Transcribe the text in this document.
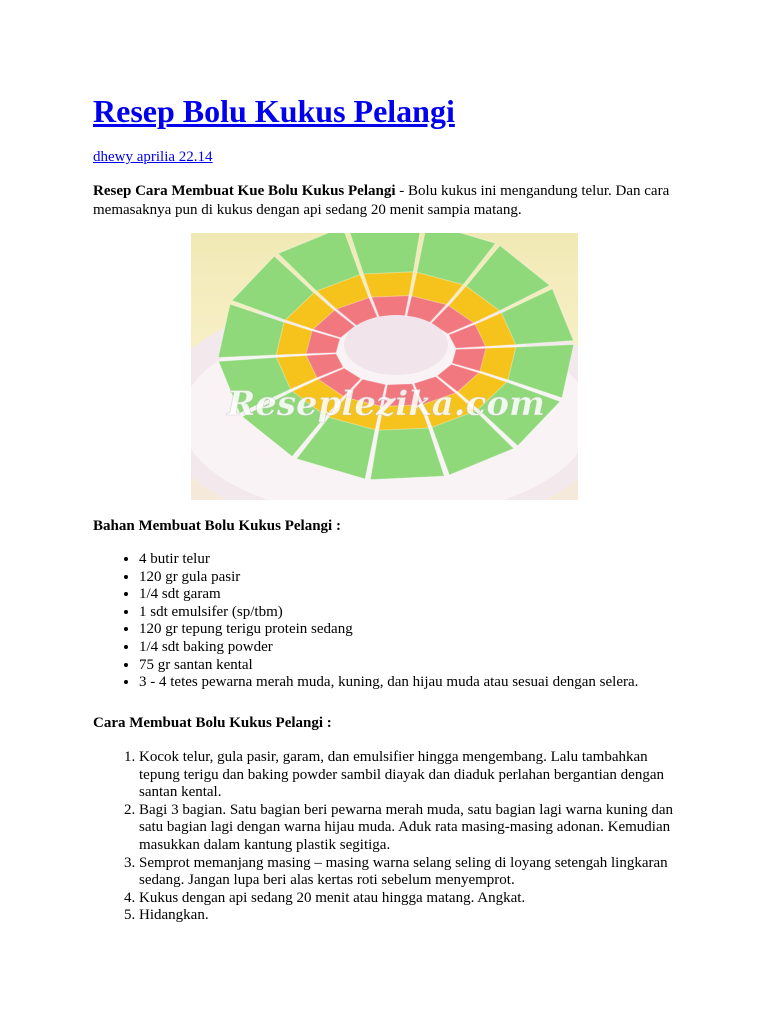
Resep Bolu Kukus Pelangi
dhewy aprilia 22.14

Resep Cara Membuat Kue Bolu Kukus Pelangi - Bolu kukus ini mengandung telur. Dan cara memasaknya pun di kukus dengan api sedang 20 menit sampia matang.

Reseplezika.com
Bahan Membuat Bolu Kukus Pelangi :
• 4 butir telur
• 120 gr gula pasir
• 1/4 sdt garam
• 1 sdt emulsifer (sp/tbm)
• 120 gr tepung terigu protein sedang
• 1/4 sdt baking powder
• 75 gr santan kental
• 3 - 4 tetes pewarna merah muda, kuning, dan hijau muda atau sesuai dengan selera.
Cara Membuat Bolu Kukus Pelangi :
1. Kocok telur, gula pasir, garam, dan emulsifier hingga mengembang. Lalu tambahkan tepung terigu dan baking powder sambil diayak dan diaduk perlahan bergantian dengan santan kental.
2. Bagi 3 bagian. Satu bagian beri pewarna merah muda, satu bagian lagi warna kuning dan satu bagian lagi dengan warna hijau muda. Aduk rata masing-masing adonan. Kemudian masukkan dalam kantung plastik segitiga.
3. Semprot memanjang masing – masing warna selang seling di loyang setengah lingkaran sedang. Jangan lupa beri alas kertas roti sebelum menyemprot.
4. Kukus dengan api sedang 20 menit atau hingga matang. Angkat.
5. Hidangkan.
